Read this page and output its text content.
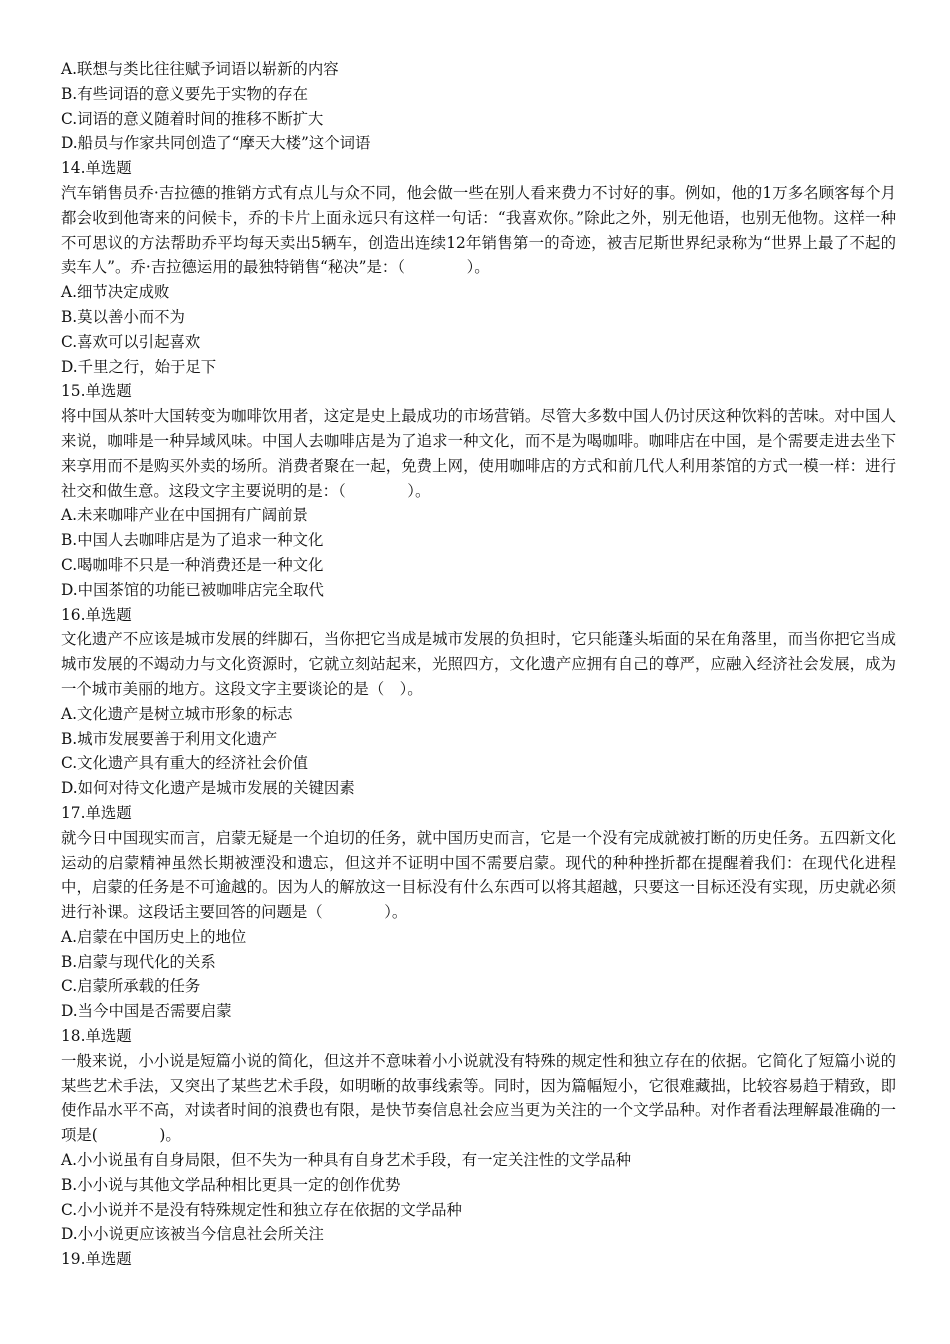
A.联想与类比往往赋予词语以崭新的内容
B.有些词语的意义要先于实物的存在
C.词语的意义随着时间的推移不断扩大
D.船员与作家共同创造了“摩天大楼”这个词语
14.单选题
汽车销售员乔·吉拉德的推销方式有点儿与众不同，他会做一些在别人看来费力不讨好的事。例如，他的1万多名顾客每个月都会收到他寄来的问候卡，乔的卡片上面永远只有这样一句话：“我喜欢你。”除此之外，别无他语，也别无他物。这样一种不可思议的方法帮助乔平均每天卖出5辆车，创造出连续12年销售第一的奇迹，被吉尼斯世界纪录称为“世界上最了不起的卖车人”。乔·吉拉德运用的最独特销售“秘决”是：（　　　　）。
A.细节决定成败
B.莫以善小而不为
C.喜欢可以引起喜欢
D.千里之行，始于足下
15.单选题
将中国从茶叶大国转变为咖啡饮用者，这定是史上最成功的市场营销。尽管大多数中国人仍讨厌这种饮料的苦味。对中国人来说，咖啡是一种异域风味。中国人去咖啡店是为了追求一种文化，而不是为喝咖啡。咖啡店在中国，是个需要走进去坐下来享用而不是购买外卖的场所。消费者聚在一起，免费上网，使用咖啡店的方式和前几代人利用茶馆的方式一模一样：进行社交和做生意。这段文字主要说明的是：（　　　　）。
A.未来咖啡产业在中国拥有广阔前景
B.中国人去咖啡店是为了追求一种文化
C.喝咖啡不只是一种消费还是一种文化
D.中国茶馆的功能已被咖啡店完全取代
16.单选题
文化遗产不应该是城市发展的绊脚石，当你把它当成是城市发展的负担时，它只能蓬头垢面的呆在角落里，而当你把它当成城市发展的不竭动力与文化资源时，它就立刻站起来，光照四方，文化遗产应拥有自己的尊严，应融入经济社会发展，成为一个城市美丽的地方。这段文字主要谈论的是（　）。
A.文化遗产是树立城市形象的标志
B.城市发展要善于利用文化遗产
C.文化遗产具有重大的经济社会价值
D.如何对待文化遗产是城市发展的关键因素
17.单选题
就今日中国现实而言，启蒙无疑是一个迫切的任务，就中国历史而言，它是一个没有完成就被打断的历史任务。五四新文化运动的启蒙精神虽然长期被湮没和遗忘，但这并不证明中国不需要启蒙。现代的种种挫折都在提醒着我们：在现代化进程中，启蒙的任务是不可逾越的。因为人的解放这一目标没有什么东西可以将其超越，只要这一目标还没有实现，历史就必须进行补课。这段话主要回答的问题是（　　　　）。
A.启蒙在中国历史上的地位
B.启蒙与现代化的关系
C.启蒙所承载的任务
D.当今中国是否需要启蒙
18.单选题
一般来说，小小说是短篇小说的简化，但这并不意味着小小说就没有特殊的规定性和独立存在的依据。它简化了短篇小说的某些艺术手法，又突出了某些艺术手段，如明晰的故事线索等。同时，因为篇幅短小，它很难藏拙，比较容易趋于精致，即使作品水平不高，对读者时间的浪费也有限，是快节奏信息社会应当更为关注的一个文学品种。对作者看法理解最准确的一项是(　　　　)。
A.小小说虽有自身局限，但不失为一种具有自身艺术手段，有一定关注性的文学品种
B.小小说与其他文学品种相比更具一定的创作优势
C.小小说并不是没有特殊规定性和独立存在依据的文学品种
D.小小说更应该被当今信息社会所关注
19.单选题
